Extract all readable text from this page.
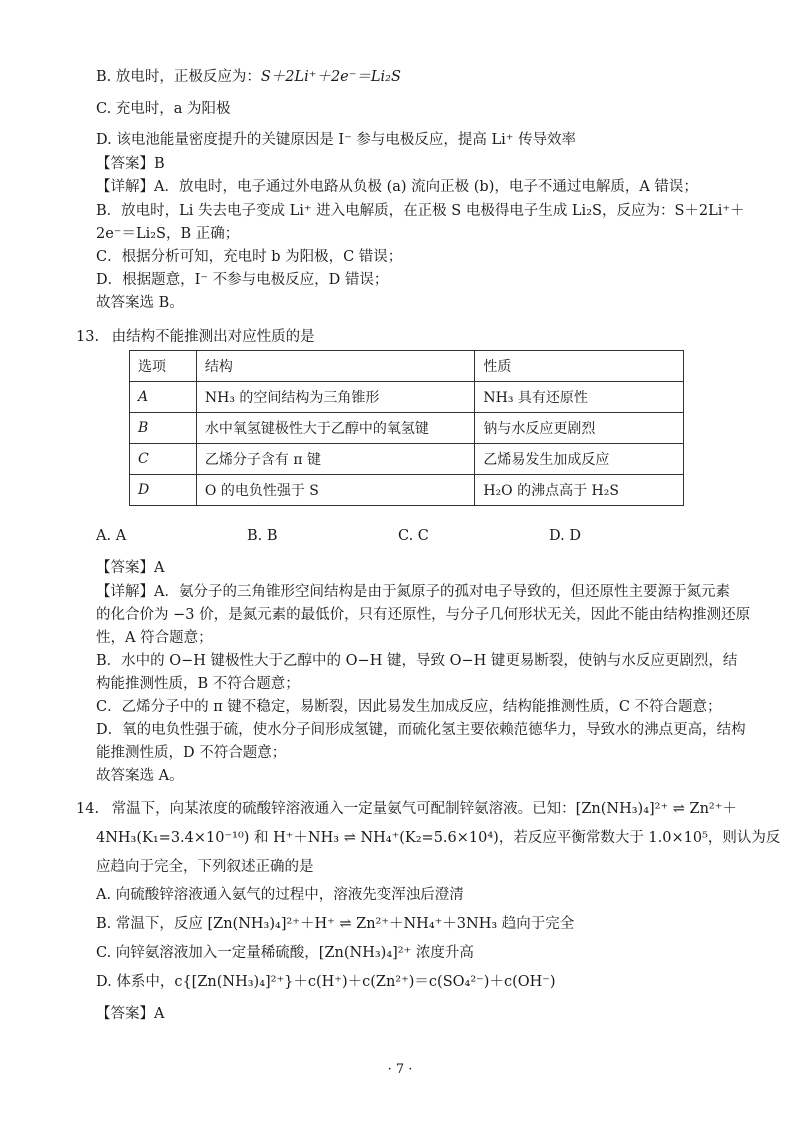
B. 放电时，正极反应为：S＋2Li⁺＋2e⁻＝Li₂S
C. 充电时，a 为阳极
D. 该电池能量密度提升的关键原因是 I⁻ 参与电极反应，提高 Li⁺ 传导效率
【答案】B
【详解】A．放电时，电子通过外电路从负极 (a) 流向正极 (b)，电子不通过电解质，A 错误；
B．放电时，Li 失去电子变成 Li⁺ 进入电解质，在正极 S 电极得电子生成 Li₂S，反应为：S＋2Li⁺＋
2e⁻＝Li₂S，B 正确；
C．根据分析可知，充电时 b 为阳极，C 错误；
D．根据题意，I⁻ 不参与电极反应，D 错误；
故答案选 B。
13. 由结构不能推测出对应性质的是
选项	结构	性质
A	NH₃ 的空间结构为三角锥形	NH₃ 具有还原性
B	水中氧氢键极性大于乙醇中的氧氢键	钠与水反应更剧烈
C	乙烯分子含有 π 键	乙烯易发生加成反应
D	O 的电负性强于 S	H₂O 的沸点高于 H₂S
A. A	B. B	C. C	D. D
【答案】A
【详解】A．氨分子的三角锥形空间结构是由于氮原子的孤对电子导致的，但还原性主要源于氮元素
的化合价为 −3 价，是氮元素的最低价，只有还原性，与分子几何形状无关，因此不能由结构推测还原
性，A 符合题意；
B．水中的 O−H 键极性大于乙醇中的 O−H 键，导致 O−H 键更易断裂，使钠与水反应更剧烈，结
构能推测性质，B 不符合题意；
C．乙烯分子中的 π 键不稳定，易断裂，因此易发生加成反应，结构能推测性质，C 不符合题意；
D．氧的电负性强于硫，使水分子间形成氢键，而硫化氢主要依赖范德华力，导致水的沸点更高，结构
能推测性质，D 不符合题意；
故答案选 A。
14. 常温下，向某浓度的硫酸锌溶液通入一定量氨气可配制锌氨溶液。已知：[Zn(NH₃)₄]²⁺ ⇌ Zn²⁺＋
4NH₃(K₁=3.4×10⁻¹⁰) 和 H⁺＋NH₃ ⇌ NH₄⁺(K₂=5.6×10⁴)，若反应平衡常数大于 1.0×10⁵，则认为反
应趋向于完全，下列叙述正确的是
A. 向硫酸锌溶液通入氨气的过程中，溶液先变浑浊后澄清
B. 常温下，反应 [Zn(NH₃)₄]²⁺＋H⁺ ⇌ Zn²⁺＋NH₄⁺＋3NH₃ 趋向于完全
C. 向锌氨溶液加入一定量稀硫酸，[Zn(NH₃)₄]²⁺ 浓度升高
D. 体系中，c{[Zn(NH₃)₄]²⁺}＋c(H⁺)＋c(Zn²⁺)＝c(SO₄²⁻)＋c(OH⁻)
【答案】A
· 7 ·
